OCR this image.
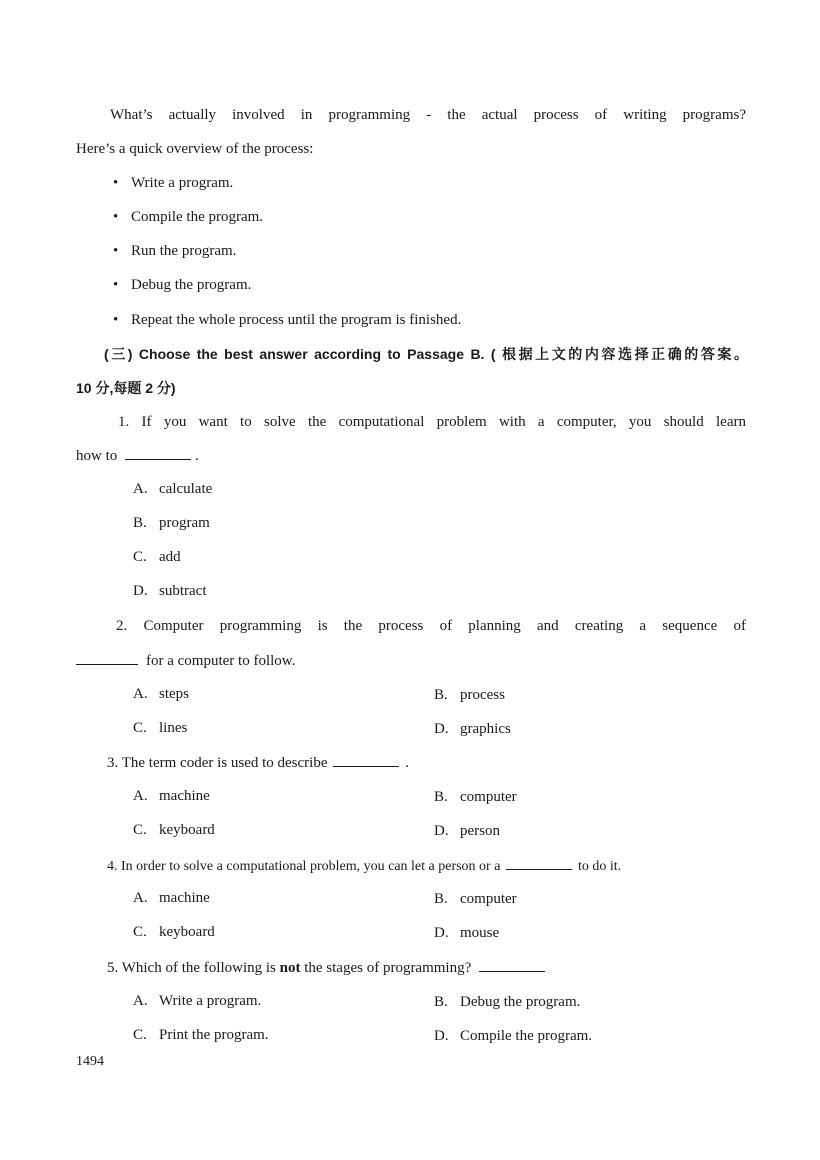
What’s actually involved in programming - the actual process of writing programs?
Here’s a quick overview of the process:
• Write a program.
• Compile the program.
• Run the program.
• Debug the program.
• Repeat the whole process until the program is finished.
(三) Choose the best answer according to Passage B. ( 根据上文的内容选择正确的答案。
10 分,每题 2 分)
1. If you want to solve the computational problem with a computer, you should learn
how to	.
A. calculate
B. program
C. add
D. subtract
2. Computer programming is the process of planning and creating a sequence of
for a computer to follow.
A. steps	B. process
C. lines	D. graphics
3. The term coder is used to describe	.
A. machine	B. computer
C. keyboard	D. person
4. In order to solve a computational problem, you can let a person or a	to do it.
A. machine	B. computer
C. keyboard	D. mouse
5. Which of the following is not the stages of programming?
A. Write a program.	B. Debug the program.
C. Print the program.	D. Compile the program.
1494
